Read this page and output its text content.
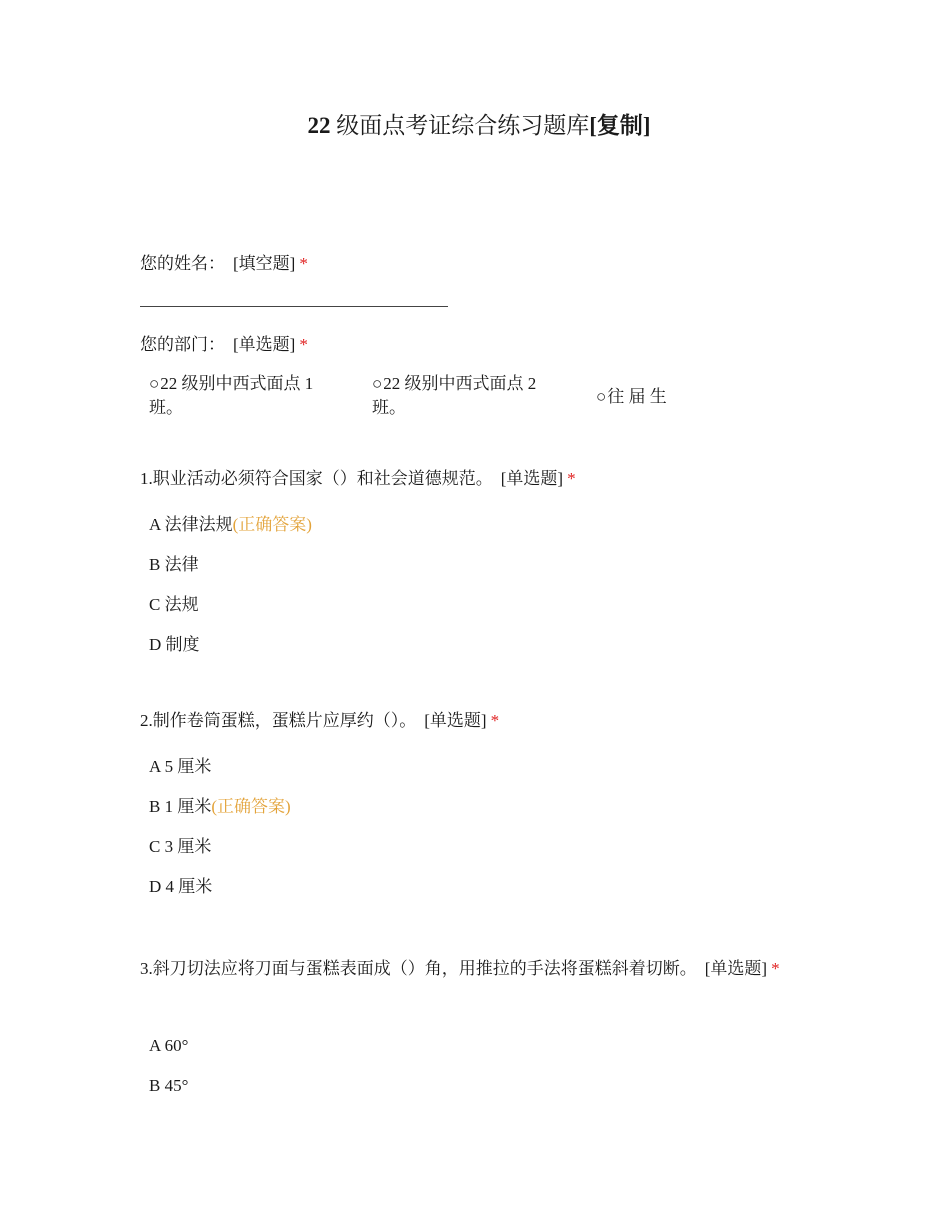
22 级面点考证综合练习题库[复制]
您的姓名： [填空题] *
您的部门： [单选题] *
○22 级别中西式面点 1 班。
○22 级别中西式面点 2 班。
○往 届 生
1.职业活动必须符合国家（）和社会道德规范。 [单选题] *
A 法律法规(正确答案)
B 法律
C 法规
D 制度
2.制作卷筒蛋糕，蛋糕片应厚约（）。 [单选题] *
A 5 厘米
B 1 厘米(正确答案)
C 3 厘米
D 4 厘米
3.斜刀切法应将刀面与蛋糕表面成（）角，用推拉的手法将蛋糕斜着切断。 [单选题] *
A 60°
B 45°
